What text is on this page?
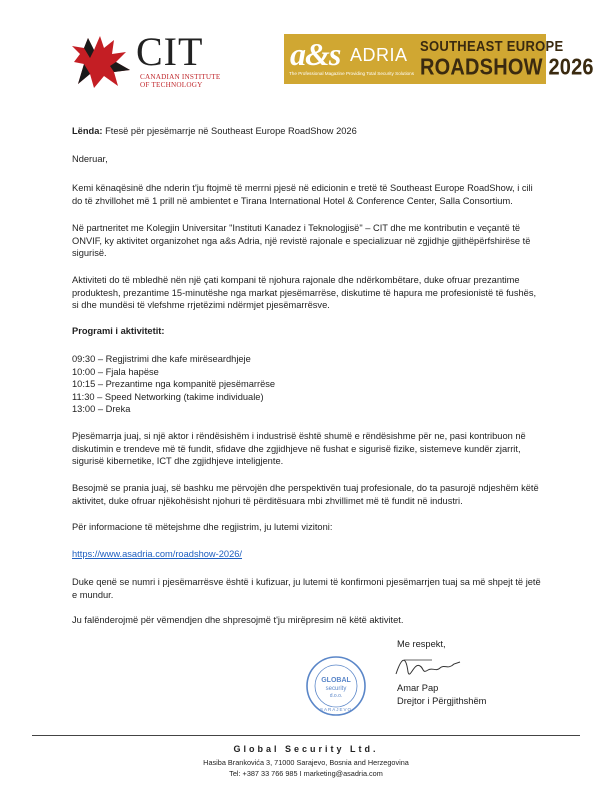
CIT
CANADIAN INSTITUTE
OF TECHNOLOGY
a&s ADRIA
The Professional Magazine Providing Total Security Solutions
SOUTHEAST EUROPE
ROADSHOW 2026

Lënda: Ftesë për pjesëmarrje në Southeast Europe RoadShow 2026

Nderuar,

Kemi kënaqësinë dhe nderin t'ju ftojmë të merrni pjesë në edicionin e tretë të Southeast Europe RoadShow, i cili do të zhvillohet më 1 prill në ambientet e Tirana International Hotel & Conference Center, Salla Consortium.

Në partneritet me Kolegjin Universitar "Instituti Kanadez i Teknologjisë" – CIT dhe me kontributin e veçantë të ONVIF, ky aktivitet organizohet nga a&s Adria, një revistë rajonale e specializuar në zgjidhje gjithëpërfshirëse të sigurisë.

Aktiviteti do të mbledhë nën një çati kompani të njohura rajonale dhe ndërkombëtare, duke ofruar prezantime produktesh, prezantime 15-minutëshe nga markat pjesëmarrëse, diskutime të hapura me profesionistë të fushës, si dhe mundësi të vlefshme rrjetëzimi ndërmjet pjesëmarrësve.

Programi i aktivitetit:

09:30 – Regjistrimi dhe kafe mirëseardhjeje
10:00 – Fjala hapëse
10:15 – Prezantime nga kompanitë pjesëmarrëse
11:30 – Speed Networking (takime individuale)
13:00 – Dreka

Pjesëmarrja juaj, si një aktor i rëndësishëm i industrisë është shumë e rëndësishme për ne, pasi kontribuon në diskutimin e trendeve më të fundit, sfidave dhe zgjidhjeve në fushat e sigurisë fizike, sistemeve kundër zjarrit, sigurisë kibernetike, ICT dhe zgjidhjeve inteligjente.

Besojmë se prania juaj, së bashku me përvojën dhe perspektivën tuaj profesionale, do ta pasurojë ndjeshëm këtë aktivitet, duke ofruar njëkohësisht njohuri të përditësuara mbi zhvillimet më të fundit në industri.

Për informacione të mëtejshme dhe regjistrim, ju lutemi vizitoni:

https://www.asadria.com/roadshow-2026/

Duke qenë se numri i pjesëmarrësve është i kufizuar, ju lutemi të konfirmoni pjesëmarrjen tuaj sa më shpejt të jetë e mundur.

Ju falënderojmë për vëmendjen dhe shpresojmë t'ju mirëpresim në këtë aktivitet.

Me respekt,
Amar Pap
Drejtor i Përgjithshëm
GLOBAL
security
d.o.o.
SARAJEVO
Global Security Ltd.
Hasiba Brankovića 3, 71000 Sarajevo, Bosnia and Herzegovina
Tel: +387 33 766 985 I marketing@asadria.com
